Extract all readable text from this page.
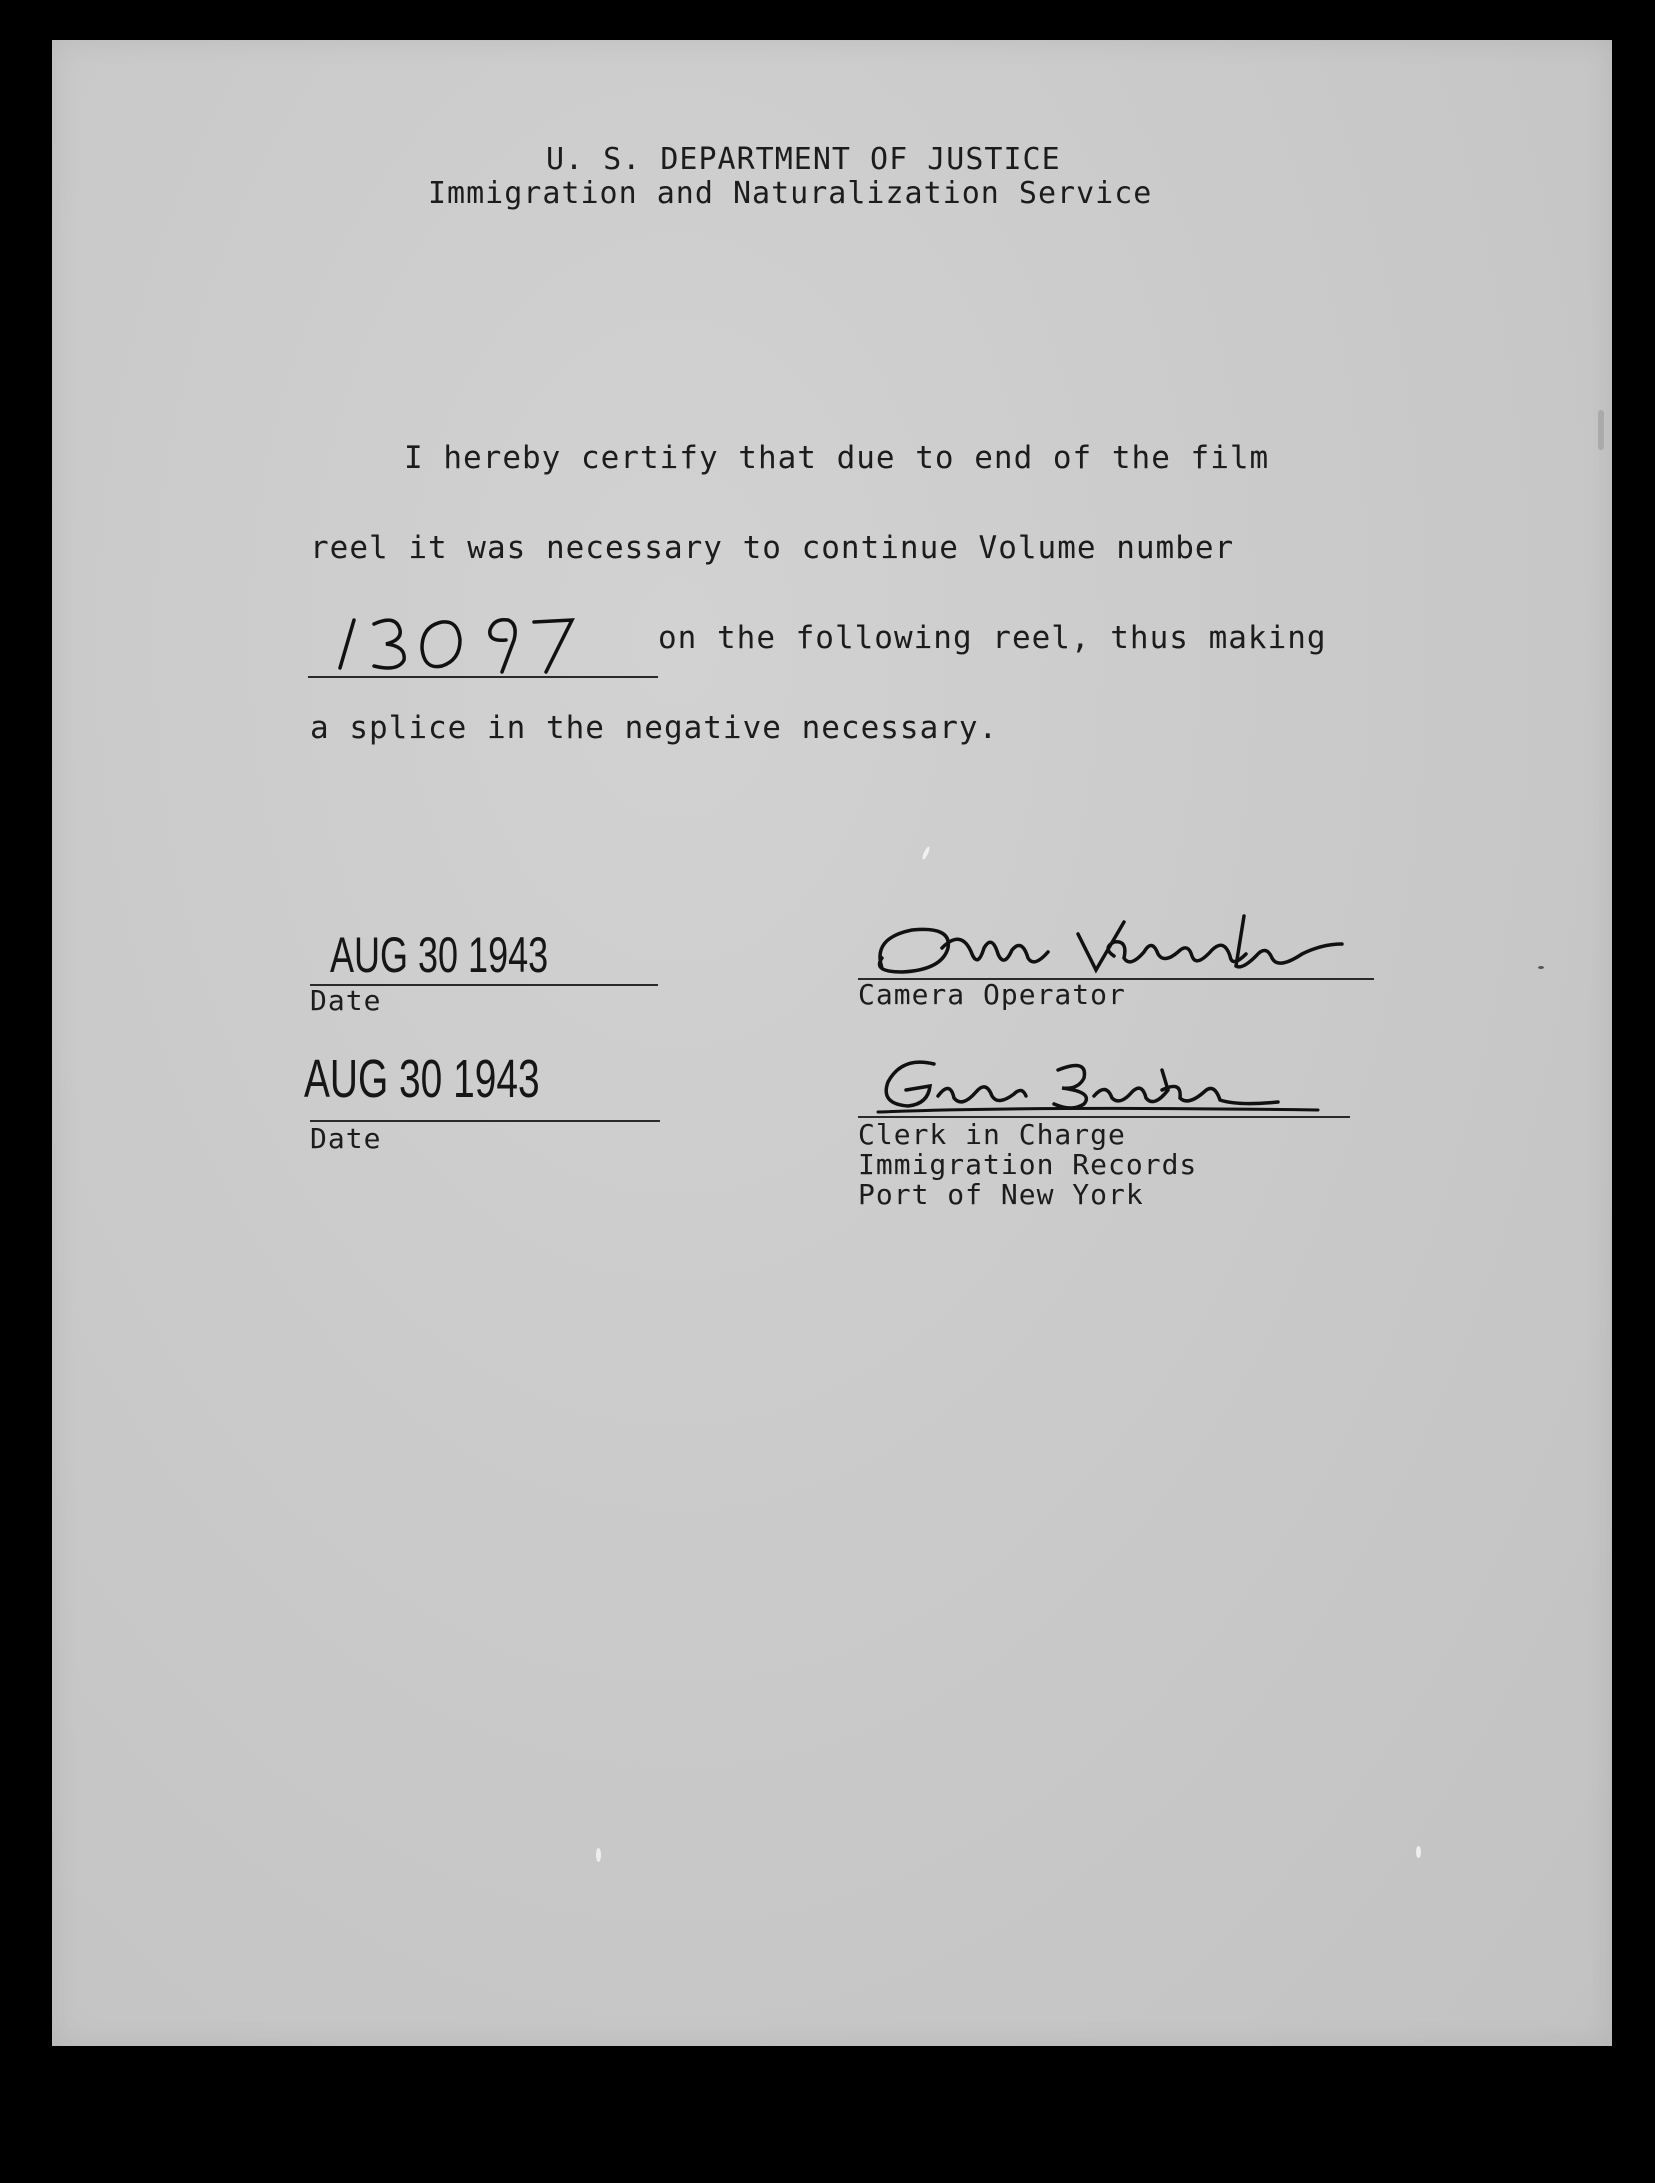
U. S. DEPARTMENT OF JUSTICE
Immigration and Naturalization Service
I hereby certify that due to end of the film
reel it was necessary to continue Volume number
on the following reel, thus making
a splice in the negative necessary.
AUG 30 1943
Date	Camera Operator
AUG 30 1943
Date	Clerk in Charge
Immigration Records
Port of New York
